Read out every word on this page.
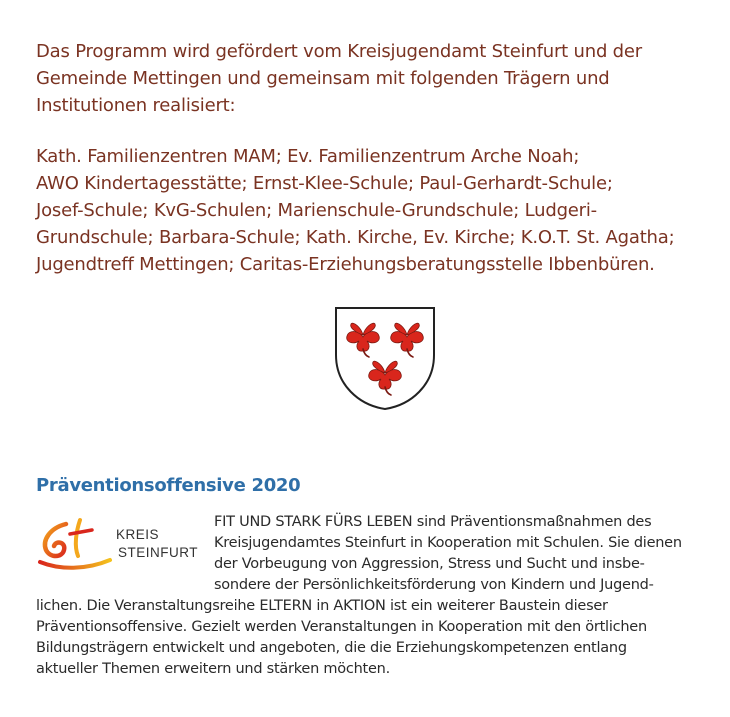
Das Programm wird gefördert vom Kreisjugendamt Steinfurt und der
Gemeinde Mettingen und gemeinsam mit folgenden Trägern und
Institutionen realisiert:

Kath. Familienzentren MAM; Ev. Familienzentrum Arche Noah;
AWO Kindertagesstätte; Ernst-Klee-Schule; Paul-Gerhardt-Schule;
Josef-Schule; KvG-Schulen; Marienschule-Grundschule; Ludgeri-
Grundschule; Barbara-Schule; Kath. Kirche, Ev. Kirche; K.O.T. St. Agatha;
Jugendtreff Mettingen; Caritas-Erziehungsberatungsstelle Ibbenbüren.

Präventionsoffensive 2020
KREIS
STEINFURT
FIT UND STARK FÜRS LEBEN sind Präventionsmaßnahmen des
Kreisjugendamtes Steinfurt in Kooperation mit Schulen. Sie dienen
der Vorbeugung von Aggression, Stress und Sucht und insbe-
sondere der Persönlichkeitsförderung von Kindern und Jugend-
lichen. Die Veranstaltungsreihe ELTERN in AKTION ist ein weiterer Baustein dieser
Präventionsoffensive. Gezielt werden Veranstaltungen in Kooperation mit den örtlichen
Bildungsträgern entwickelt und angeboten, die die Erziehungskompetenzen entlang
aktueller Themen erweitern und stärken möchten.
